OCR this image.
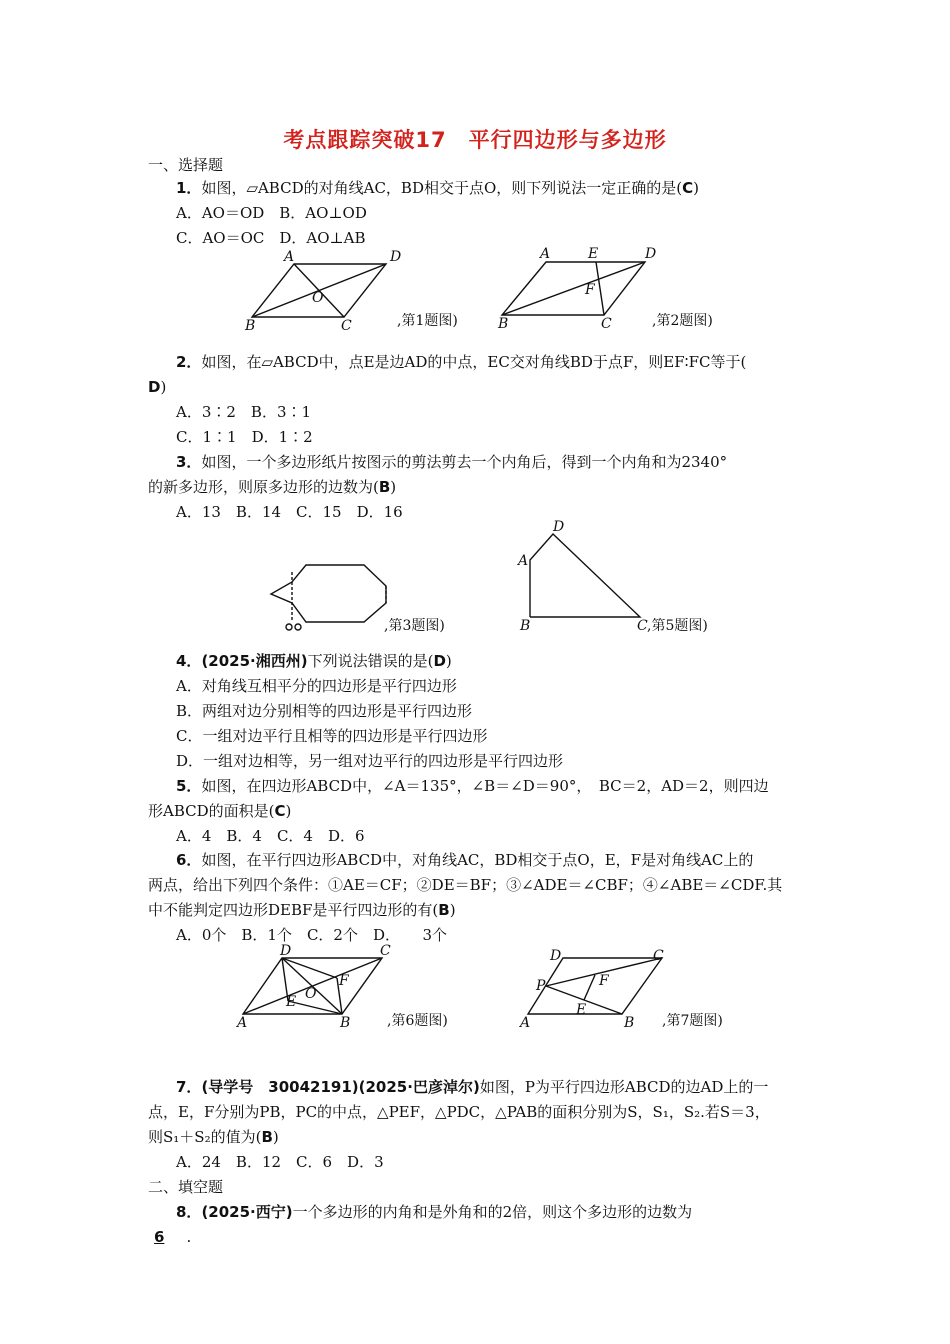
考点跟踪突破17　平行四边形与多边形
一、选择题
1．如图，▱ABCD的对角线AC，BD相交于点O，则下列说法一定正确的是(C)
A．AO＝OD　B．AO⊥OD
C．AO＝OC　D．AO⊥AB
2．如图，在▱ABCD中，点E是边AD的中点，EC交对角线BD于点F，则EF∶FC等于(
D)
A．3∶2　B．3∶1
C．1∶1　D．1∶2
3．如图，一个多边形纸片按图示的剪法剪去一个内角后，得到一个内角和为2340°
的新多边形，则原多边形的边数为(B)
A．13　B．14　C．15　D．16
4．(2025·湘西州)下列说法错误的是(D)
A．对角线互相平分的四边形是平行四边形
B．两组对边分别相等的四边形是平行四边形
C．一组对边平行且相等的四边形是平行四边形
D．一组对边相等，另一组对边平行的四边形是平行四边形
5．如图，在四边形ABCD中，∠A＝135°，∠B＝∠D＝90°，　BC＝2，AD＝2，则四边
形ABCD的面积是(C)
A．4　B．4　C．4　D．6
6．如图，在平行四边形ABCD中，对角线AC，BD相交于点O，E，F是对角线AC上的
两点，给出下列四个条件：①AE＝CF；②DE＝BF；③∠ADE＝∠CBF；④∠ABE＝∠CDF.其
中不能判定四边形DEBF是平行四边形的有(B)
A．0个　B．1个　C．2个　D．　　3个
7．(导学号　30042191)(2025·巴彦淖尔)如图，P为平行四边形ABCD的边AD上的一
点，E，F分别为PB，PC的中点，△PEF，△PDC，△PAB的面积分别为S，S₁，S₂.若S＝3，
则S₁＋S₂的值为(B)
A．24　B．12　C．6　D．3
二、填空题
8．(2025·西宁)一个多边形的内角和是外角和的2倍，则这个多边形的边数为
6 .
A	D
B	C
O
,第1题图)
A	E	D
F
B	C	,第2题图)
,第3题图)
D
A
B	C ,第5题图)
D	C
F
O
E
A	B	,第6题图)
D	C
P	F
E
A	B ,第7题图)
